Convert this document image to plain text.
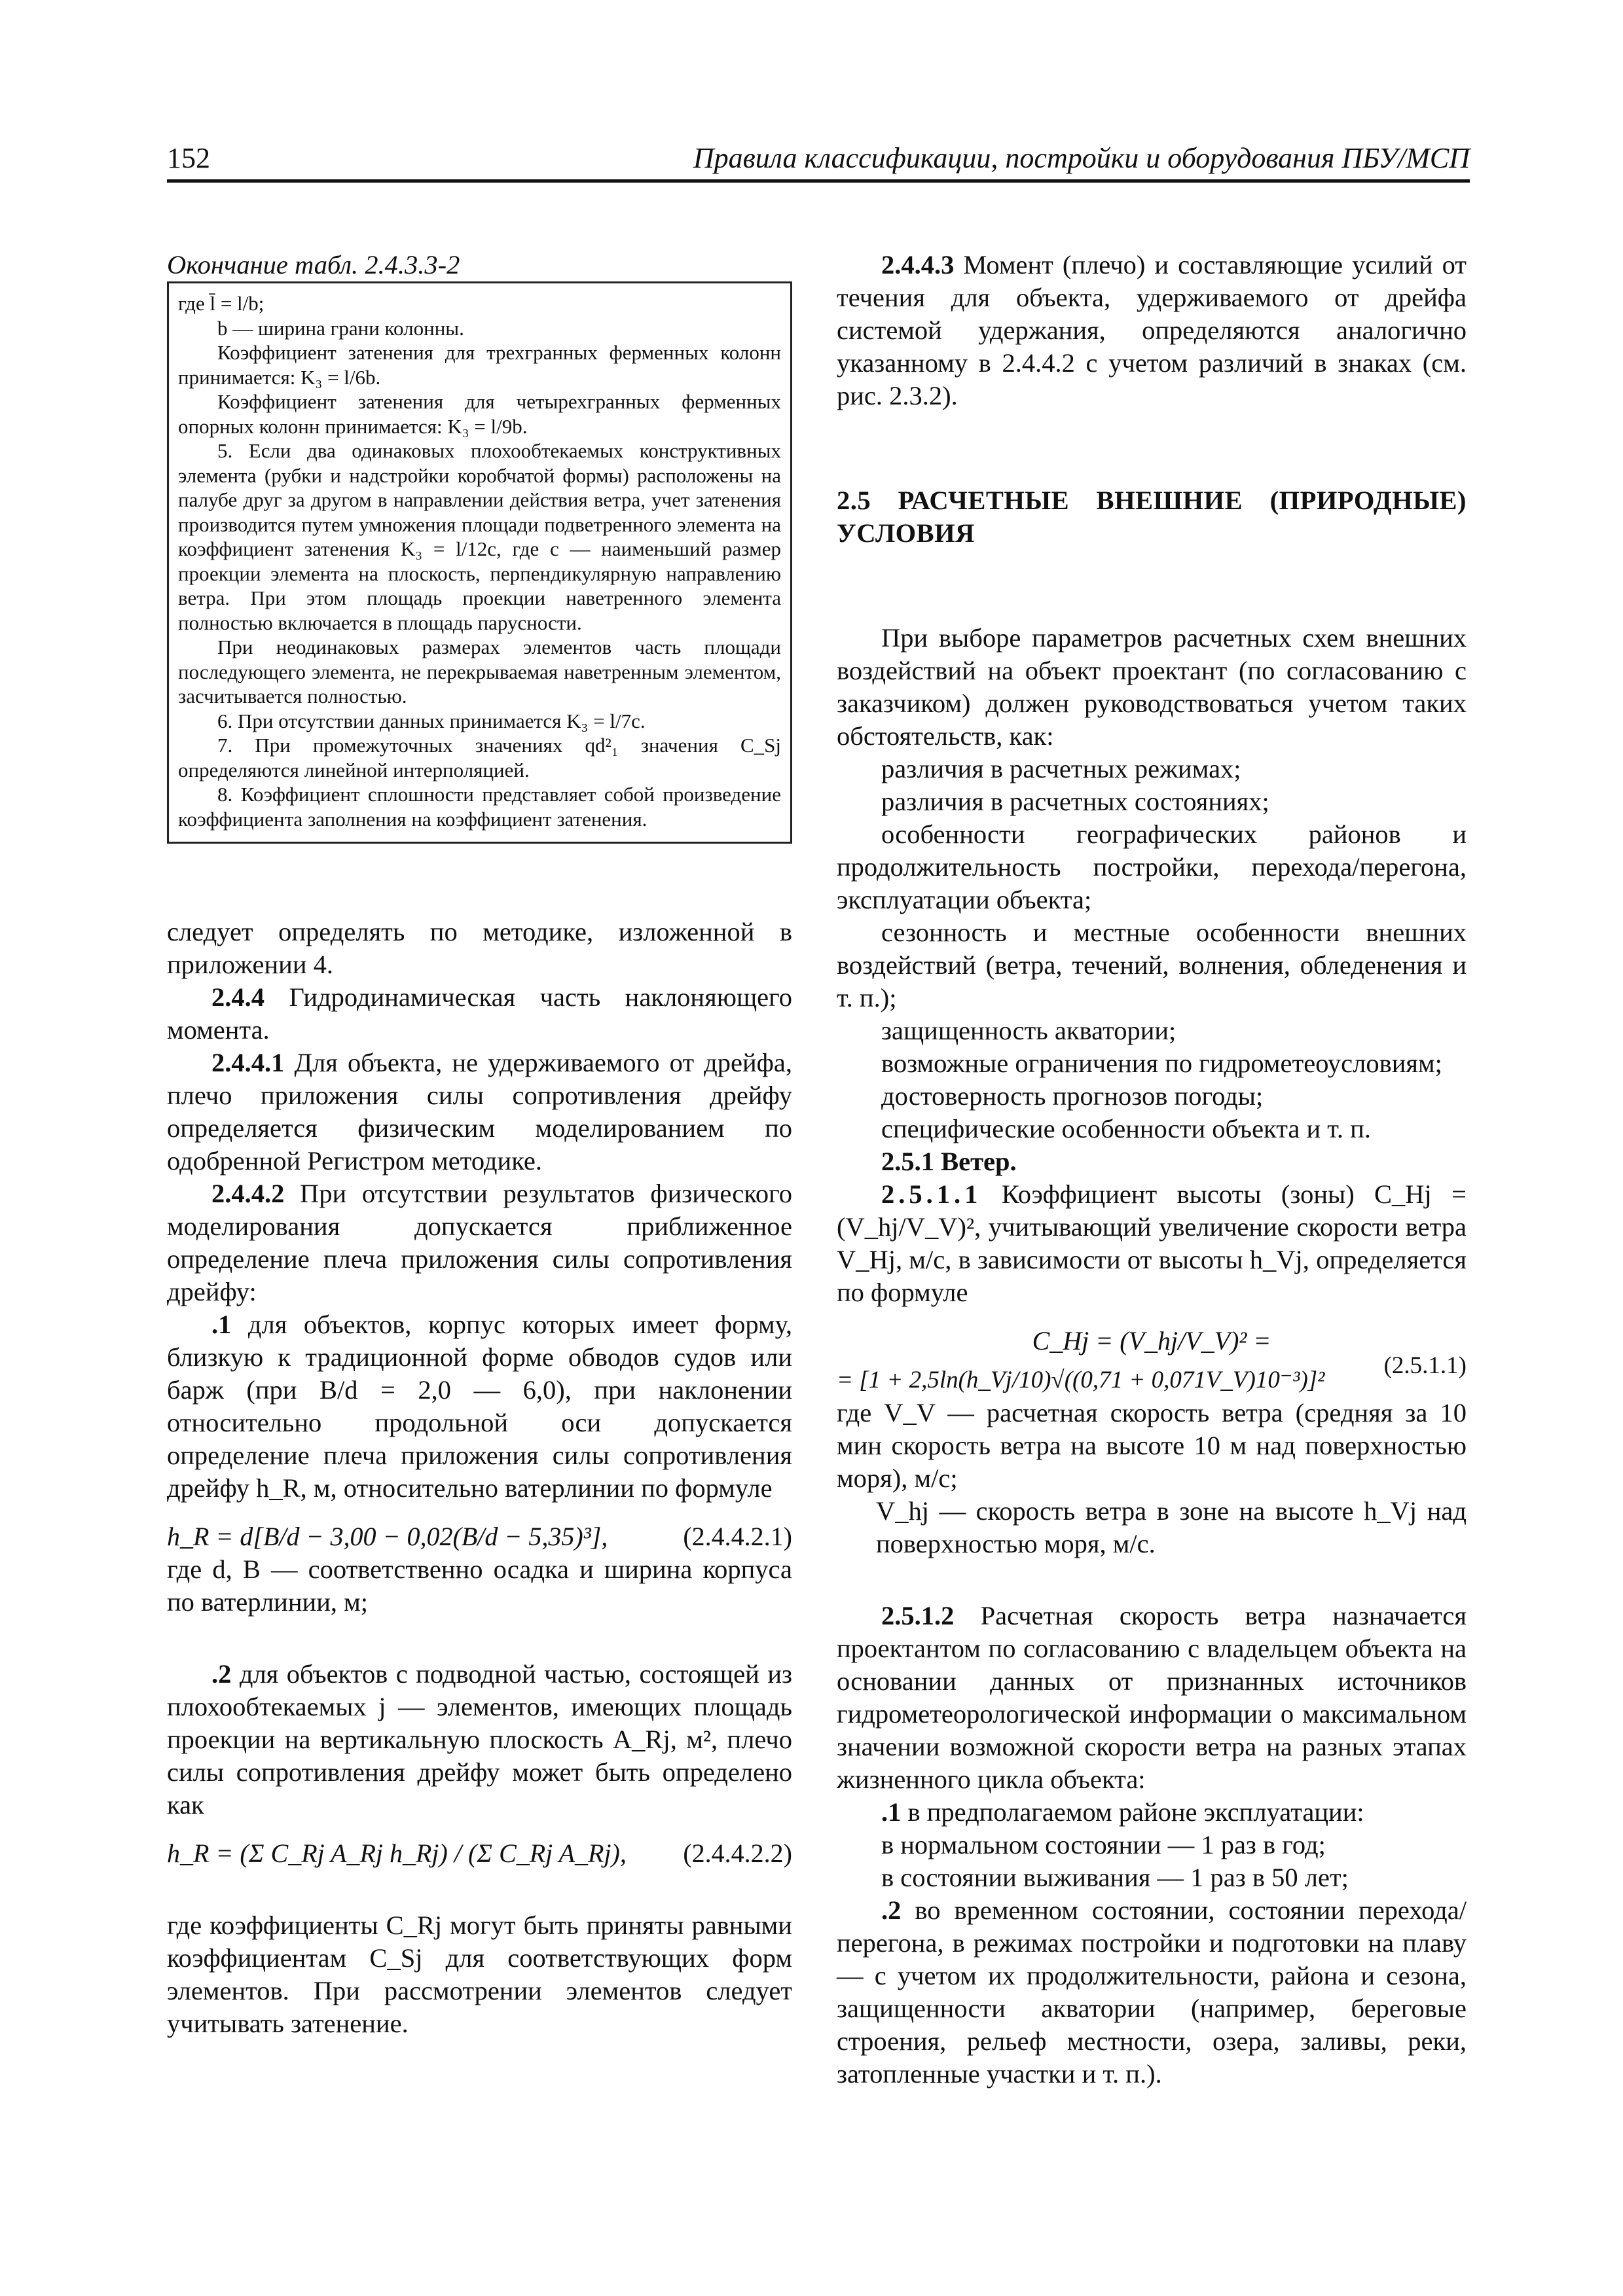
152	Правила классификации, постройки и оборудования ПБУ/МСП

Окончание табл. 2.4.3.3-2

где l̄ = l/b;

b — ширина грани колонны.

Коэффициент затенения для трехгранных ферменных колонн принимается: K₃ = l/6b.

Коэффициент затенения для четырехгранных ферменных опорных колонн принимается: K₃ = l/9b.

5. Если два одинаковых плохообтекаемых конструктивных элемента (рубки и надстройки коробчатой формы) расположены на палубе друг за другом в направлении действия ветра, учет затенения производится путем умножения площади подветренного элемента на коэффициент затенения K₃ = l/12c, где c — наименьший размер проекции элемента на плоскость, перпендикулярную направлению ветра. При этом площадь проекции наветренного элемента полностью включается в площадь парусности.

При неодинаковых размерах элементов часть площади последующего элемента, не перекрываемая наветренным элементом, засчитывается полностью.

6. При отсутствии данных принимается K₃ = l/7c.

7. При промежуточных значениях qd²₁ значения C_Sj определяются линейной интерполяцией.

8. Коэффициент сплошности представляет собой произведение коэффициента заполнения на коэффициент затенения.

следует определять по методике, изложенной в приложении 4.

2.4.4 Гидродинамическая часть наклоняющего момента.

2.4.4.1 Для объекта, не удерживаемого от дрейфа, плечо приложения силы сопротивления дрейфу определяется физическим моделированием по одобренной Регистром методике.

2.4.4.2 При отсутствии результатов физического моделирования допускается приближенное определение плеча приложения силы сопротивления дрейфу:

.1 для объектов, корпус которых имеет форму, близкую к традиционной форме обводов судов или барж (при B/d = 2,0 — 6,0), при наклонении относительно продольной оси допускается определение плеча приложения силы сопротивления дрейфу h_R, м, относительно ватерлинии по формуле

h_R = d[B/d − 3,00 − 0,02(B/d − 5,35)³],	(2.4.4.2.1)

где d, B — соответственно осадка и ширина корпуса по ватерлинии, м;

.2 для объектов с подводной частью, состоящей из плохообтекаемых j — элементов, имеющих площадь проекции на вертикальную плоскость A_Rj, м², плечо силы сопротивления дрейфу может быть определено как

h_R = (Σ C_Rj A_Rj h_Rj) / (Σ C_Rj A_Rj), (2.4.4.2.2)

где коэффициенты C_Rj могут быть приняты равными коэффициентам C_Sj для соответствующих форм элементов. При рассмотрении элементов следует учитывать затенение.

2.4.4.3 Момент (плечо) и составляющие усилий от течения для объекта, удерживаемого от дрейфа системой удержания, определяются аналогично указанному в 2.4.4.2 с учетом различий в знаках (см. рис. 2.3.2).

2.5 РАСЧЕТНЫЕ ВНЕШНИЕ (ПРИРОДНЫЕ) УСЛОВИЯ

При выборе параметров расчетных схем внешних воздействий на объект проектант (по согласованию с заказчиком) должен руководствоваться учетом таких обстоятельств, как:

различия в расчетных режимах;

различия в расчетных состояниях;

особенности географических районов и продолжительность постройки, перехода/перегона, эксплуатации объекта;

сезонность и местные особенности внешних воздействий (ветра, течений, волнения, обледенения и т. п.);

защищенность акватории;

возможные ограничения по гидрометеоусловиям;

достоверность прогнозов погоды;

специфические особенности объекта и т. п.

2.5.1 Ветер.

2.5.1.1 Коэффициент высоты (зоны) C_Hj = (V_hj/V_V)², учитывающий увеличение скорости ветра V_Hj, м/с, в зависимости от высоты h_Vj, определяется по формуле

C_Hj = (V_hj/V_V)² =
= [1 + 2,5ln(h_Vj/10)√((0,71 + 0,071V_V)10⁻³)]²
(2.5.1.1)

где V_V — расчетная скорость ветра (средняя за 10 мин скорость ветра на высоте 10 м над поверхностью моря), м/с;

V_hj — скорость ветра в зоне на высоте h_Vj над поверхностью моря, м/с.

2.5.1.2 Расчетная скорость ветра назначается проектантом по согласованию с владельцем объекта на основании данных от признанных источников гидрометеорологической информации о максимальном значении возможной скорости ветра на разных этапах жизненного цикла объекта:

.1 в предполагаемом районе эксплуатации:

в нормальном состоянии — 1 раз в год;

в состоянии выживания — 1 раз в 50 лет;

.2 во временном состоянии, состоянии перехода/перегона, в режимах постройки и подготовки на плаву — с учетом их продолжительности, района и сезона, защищенности акватории (например, береговые строения, рельеф местности, озера, заливы, реки, затопленные участки и т. п.).
